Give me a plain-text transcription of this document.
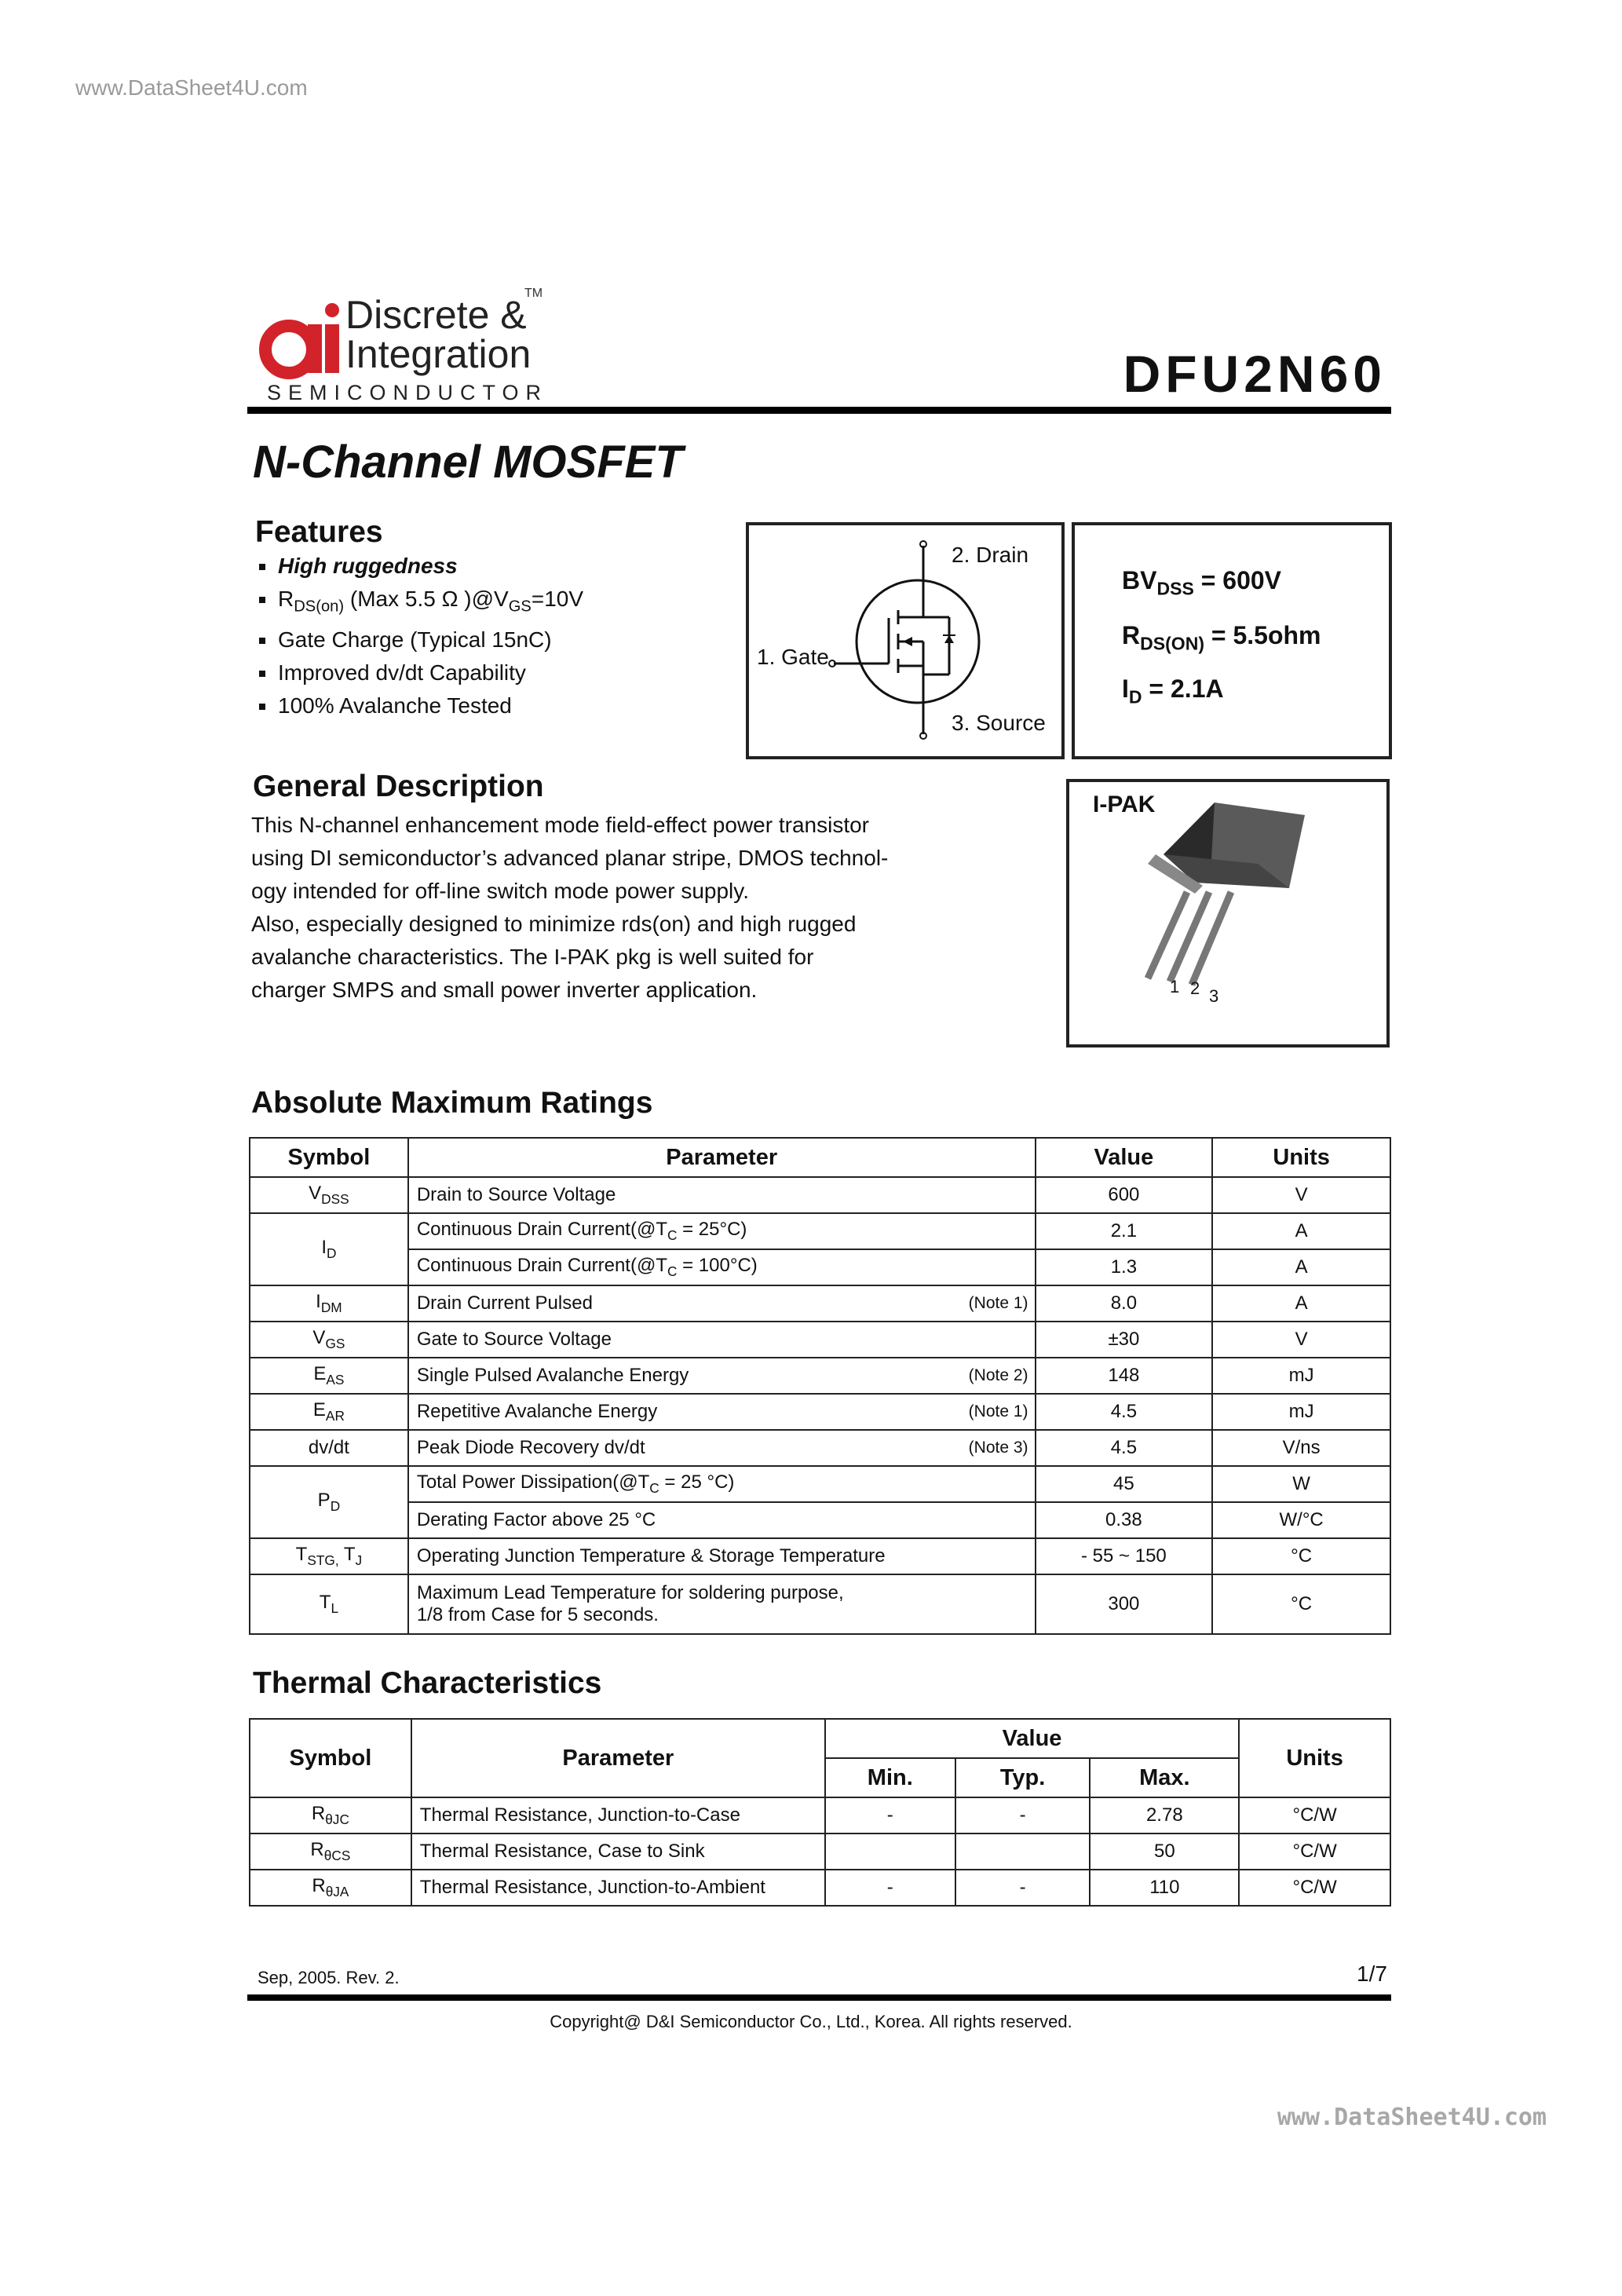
www.DataSheet4U.com
Discrete &
Integration
TM
SEMICONDUCTOR	DFU2N60
N-Channel MOSFET
Features
High ruggedness
$R_{DS(on)}$ (Max 5.5 Ω )$@V_{GS}=10V$
Gate Charge (Typical 15nC)
Improved dv/dt Capability
100% Avalanche Tested
2. Drain
1. Gate
3. Source
$BV_{DSS} = 600V$
$R_{DS(ON)} = 5.5ohm$
$I_D = 2.1A$
I-PAK
1 2 3
General Description
This N-channel enhancement mode field-effect power transistor
using DI semiconductor’s advanced planar stripe, DMOS technol-
ogy intended for off-line switch mode power supply.
Also, especially designed to minimize rds(on) and high rugged
avalanche characteristics. The I-PAK pkg is well suited for
charger SMPS and small power inverter application.
Absolute Maximum Ratings
Symbol	Parameter	Value	Units
$V_{DSS}$	Drain to Source Voltage	600	V
$I_D$	Continuous Drain $Current(@T_C = 25^\circ C)$	2.1	A
	Continuous Drain $Current(@T_C = 100^\circ C)$	1.3	A
$I_{DM}$	Drain Current Pulsed (Note 1)	8.0	A
$V_{GS}$	Gate to Source Voltage	±30	V
$E_{AS}$	Single Pulsed Avalanche Energy (Note 2)	148	mJ
$E_{AR}$	Repetitive Avalanche Energy (Note 1)	4.5	mJ
dv/dt	Peak Diode Recovery dv/dt (Note 3)	4.5	V/ns
$P_D$	Total Power $Dissipation(@T_C = 25$ °C)	45	W
	Derating Factor above 25 °C	0.38	W/°C
$T_{STG,}$ $T_J$	Operating Junction Temperature & Storage Temperature	- 55 ~ 150	°C
$T_L$	Maximum Lead Temperature for soldering purpose,
1/8 from Case for 5 seconds.	300	°C
Thermal Characteristics
Symbol	Parameter	Value			Units
		Min.	Typ.	Max.	
$R_{\theta JC}$	Thermal Resistance, Junction-to-Case	-	-	2.78	°C/W
$R_{\theta CS}$	Thermal Resistance, Case to Sink			50	°C/W
$R_{\theta JA}$	Thermal Resistance, Junction-to-Ambient	-	-	110	°C/W
Sep, 2005. Rev. 2.	1/7
Copyright@ D&I Semiconductor Co., Ltd., Korea. All rights reserved.
www.DataSheet4U.com
